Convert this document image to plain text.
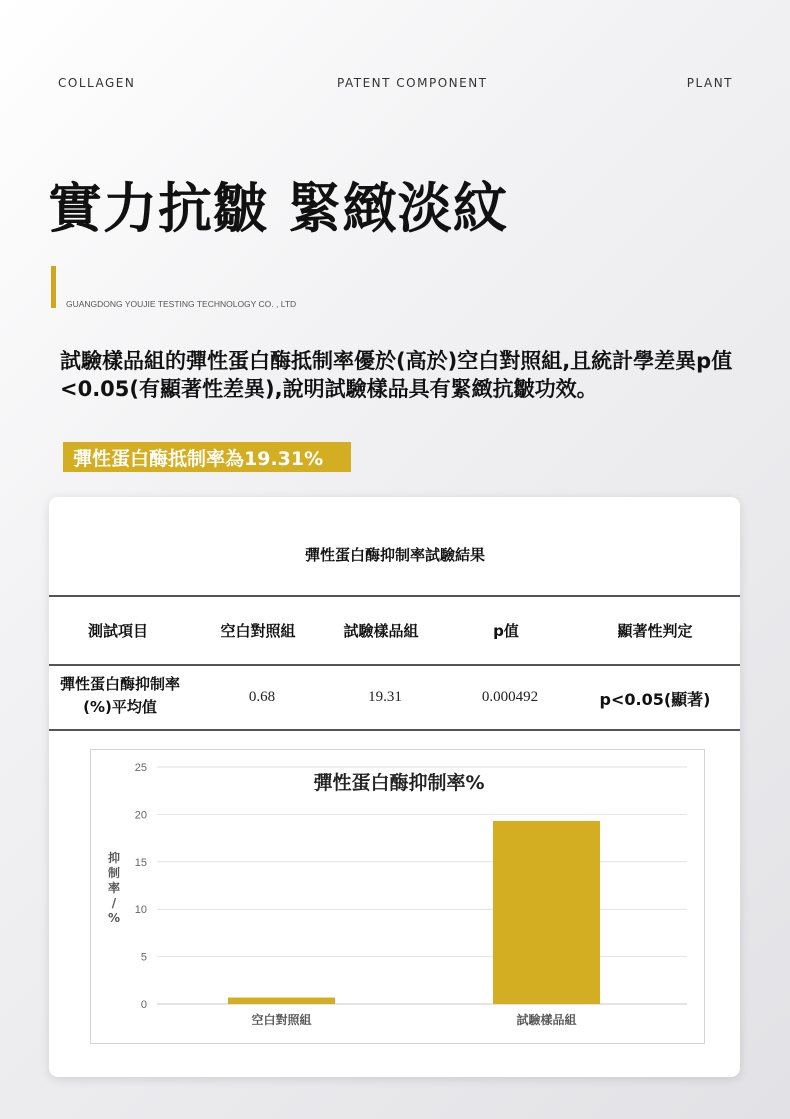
COLLAGEN	PATENT COMPONENT	PLANT
實力抗皺 緊緻淡紋
GUANGDONG YOUJIE TESTING TECHNOLOGY CO. , LTD
試驗樣品組的彈性蛋白酶抵制率優於(高於)空白對照組,且統計學差異p值<0.05(有顯著性差異),說明試驗樣品具有緊緻抗皺功效。
彈性蛋白酶抵制率為19.31%
彈性蛋白酶抑制率試驗結果
測試項目	空白對照組	試驗樣品組	p值	顯著性判定
彈性蛋白酶抑制率
(%)平均值
0.68	19.31	0.000492	p<0.05(顯著)
0
5
10
15
20
25
彈性蛋白酶抑制率%
抑
制
率
/
%
空白對照組	試驗樣品組
